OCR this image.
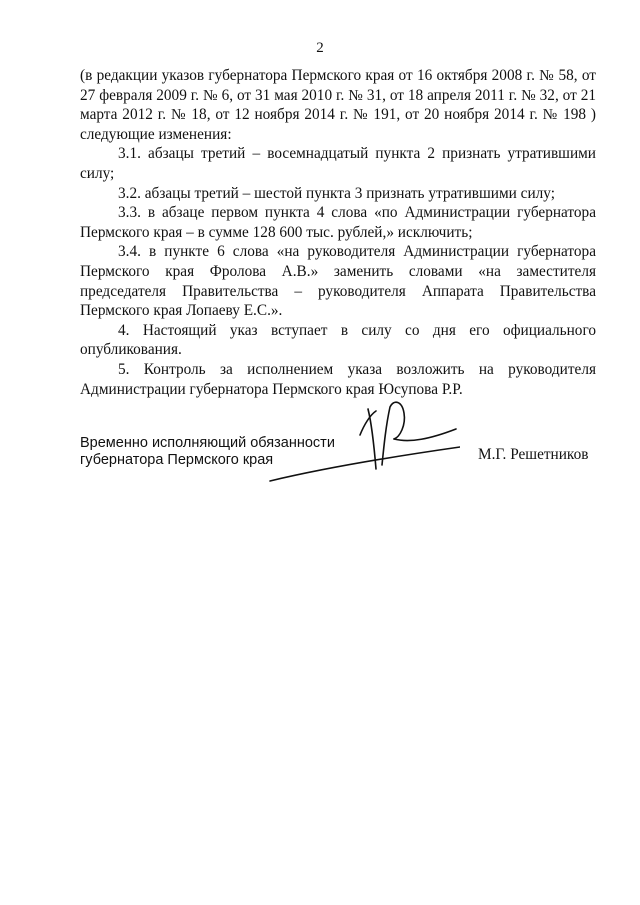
2

(в редакции указов губернатора Пермского края от 16 октября 2008 г. № 58, от 27 февраля 2009 г. № 6, от 31 мая 2010 г. № 31, от 18 апреля 2011 г. № 32, от 21 марта 2012 г. № 18, от 12 ноября 2014 г. № 191, от 20 ноября 2014 г. № 198 ) следующие изменения:

3.1. абзацы третий – восемнадцатый пункта 2 признать утратившими силу;

3.2. абзацы третий – шестой пункта 3 признать утратившими силу;

3.3. в абзаце первом пункта 4 слова «по Администрации губернатора Пермского края – в сумме 128 600 тыс. рублей,» исключить;

3.4. в пункте 6 слова «на руководителя Администрации губернатора Пермского края Фролова А.В.» заменить словами «на заместителя председателя Правительства – руководителя Аппарата Правительства Пермского края Лопаеву Е.С.».

4. Настоящий указ вступает в силу со дня его официального опубликования.

5. Контроль за исполнением указа возложить на руководителя Администрации губернатора Пермского края Юсупова Р.Р.

Временно исполняющий обязанности
губернатора Пермского края	М.Г. Решетников
